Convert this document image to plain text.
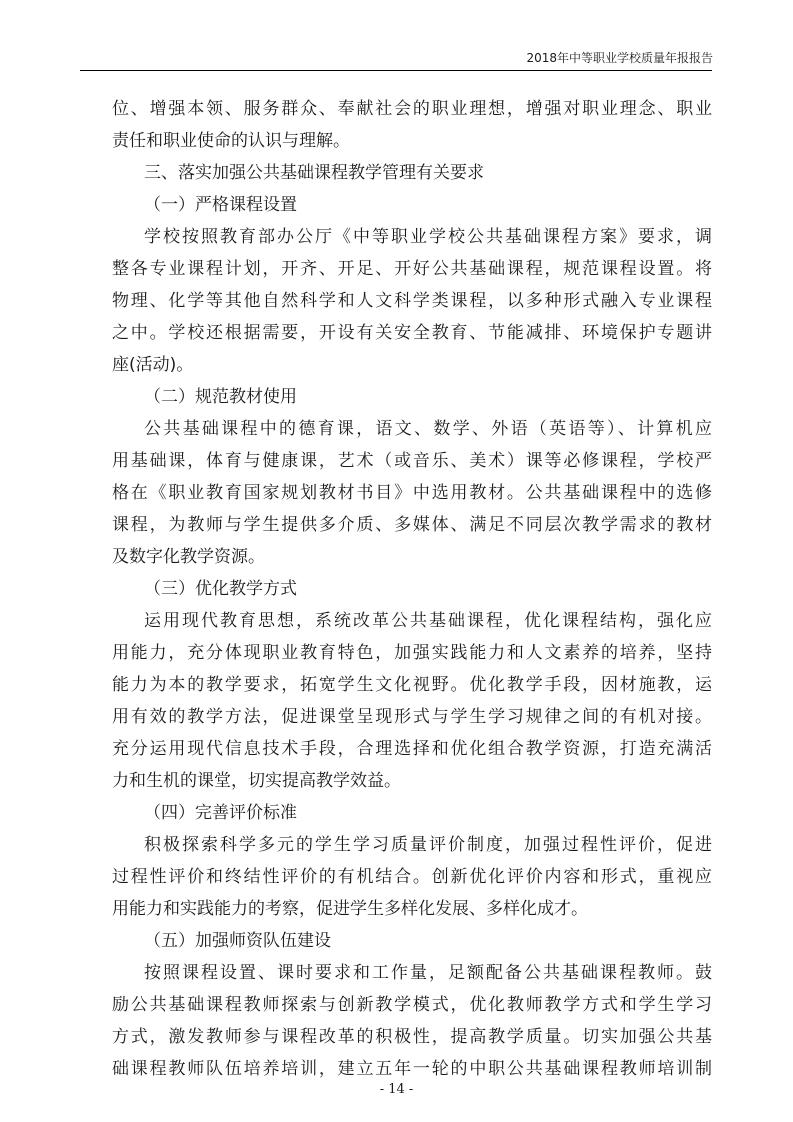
2018年中等职业学校质量年报报告
位、增强本领、服务群众、奉献社会的职业理想，增强对职业理念、职业
责任和职业使命的认识与理解。
三、落实加强公共基础课程教学管理有关要求
（一）严格课程设置
学校按照教育部办公厅《中等职业学校公共基础课程方案》要求，调
整各专业课程计划，开齐、开足、开好公共基础课程，规范课程设置。将
物理、化学等其他自然科学和人文科学类课程，以多种形式融入专业课程
之中。学校还根据需要，开设有关安全教育、节能减排、环境保护专题讲
座(活动)。
（二）规范教材使用
公共基础课程中的德育课，语文、数学、外语（英语等）、计算机应
用基础课，体育与健康课，艺术（或音乐、美术）课等必修课程，学校严
格在《职业教育国家规划教材书目》中选用教材。公共基础课程中的选修
课程，为教师与学生提供多介质、多媒体、满足不同层次教学需求的教材
及数字化教学资源。
（三）优化教学方式
运用现代教育思想，系统改革公共基础课程，优化课程结构，强化应
用能力，充分体现职业教育特色，加强实践能力和人文素养的培养，坚持
能力为本的教学要求，拓宽学生文化视野。优化教学手段，因材施教，运
用有效的教学方法，促进课堂呈现形式与学生学习规律之间的有机对接。
充分运用现代信息技术手段，合理选择和优化组合教学资源，打造充满活
力和生机的课堂，切实提高教学效益。
（四）完善评价标准
积极探索科学多元的学生学习质量评价制度，加强过程性评价，促进
过程性评价和终结性评价的有机结合。创新优化评价内容和形式，重视应
用能力和实践能力的考察，促进学生多样化发展、多样化成才。
（五）加强师资队伍建设
按照课程设置、课时要求和工作量，足额配备公共基础课程教师。鼓
励公共基础课程教师探索与创新教学模式，优化教师教学方式和学生学习
方式，激发教师参与课程改革的积极性，提高教学质量。切实加强公共基
础课程教师队伍培养培训，建立五年一轮的中职公共基础课程教师培训制
- 14 -
